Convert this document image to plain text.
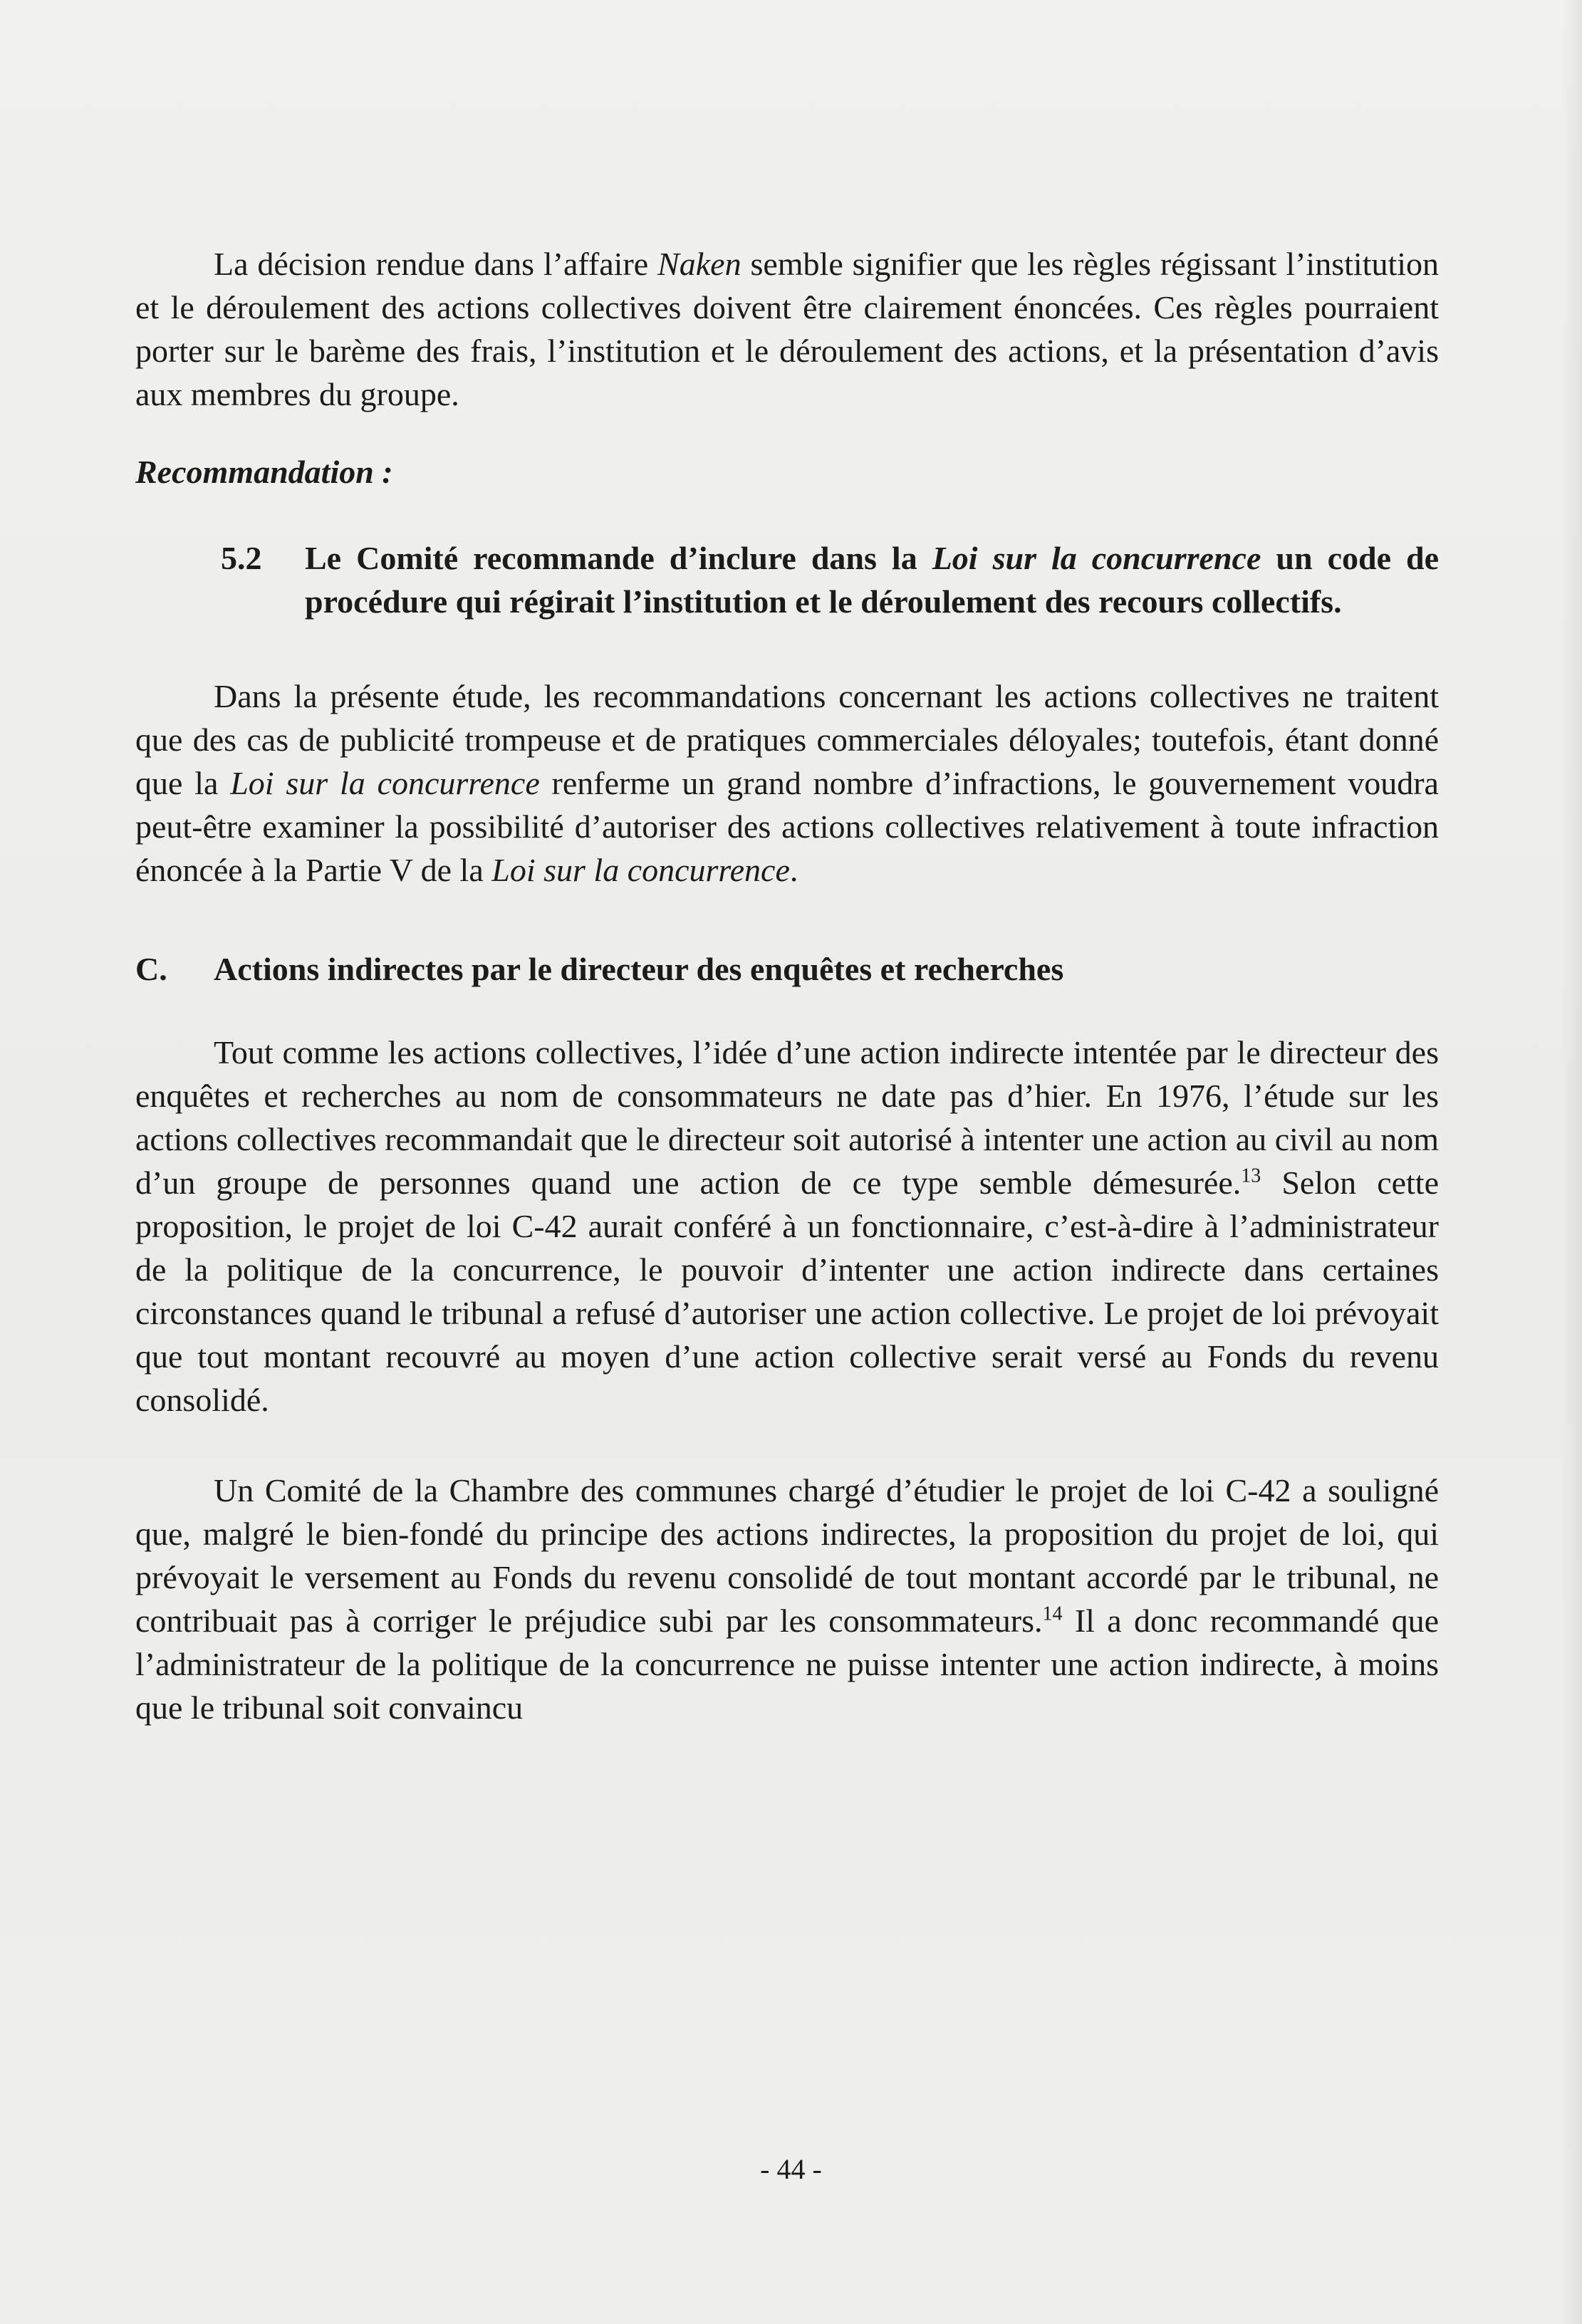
La décision rendue dans l’affaire Naken semble signifier que les règles régissant l’institution et le déroulement des actions collectives doivent être clairement énoncées. Ces règles pourraient porter sur le barème des frais, l’institution et le déroulement des actions, et la présentation d’avis aux membres du groupe.

Recommandation :

5.2	Le Comité recommande d’inclure dans la Loi sur la concurrence un code de procédure qui régirait l’institution et le déroulement des recours collectifs.

Dans la présente étude, les recommandations concernant les actions collectives ne traitent que des cas de publicité trompeuse et de pratiques commerciales déloyales; toutefois, étant donné que la Loi sur la concurrence renferme un grand nombre d’infractions, le gouvernement voudra peut-être examiner la possibilité d’autoriser des actions collectives relativement à toute infraction énoncée à la Partie V de la Loi sur la concurrence.

C.	Actions indirectes par le directeur des enquêtes et recherches

Tout comme les actions collectives, l’idée d’une action indirecte intentée par le directeur des enquêtes et recherches au nom de consommateurs ne date pas d’hier. En 1976, l’étude sur les actions collectives recommandait que le directeur soit autorisé à intenter une action au civil au nom d’un groupe de personnes quand une action de ce type semble démesurée.$^{13}$ Selon cette proposition, le projet de loi C-42 aurait conféré à un fonctionnaire, c’est-à-dire à l’administrateur de la politique de la concurrence, le pouvoir d’intenter une action indirecte dans certaines circonstances quand le tribunal a refusé d’autoriser une action collective. Le projet de loi prévoyait que tout montant recouvré au moyen d’une action collective serait versé au Fonds du revenu consolidé.

Un Comité de la Chambre des communes chargé d’étudier le projet de loi C-42 a souligné que, malgré le bien-fondé du principe des actions indirectes, la proposition du projet de loi, qui prévoyait le versement au Fonds du revenu consolidé de tout montant accordé par le tribunal, ne contribuait pas à corriger le préjudice subi par les consommateurs.$^{14}$ Il a donc recommandé que l’administrateur de la politique de la concurrence ne puisse intenter une action indirecte, à moins que le tribunal soit convaincu

- 44 -
